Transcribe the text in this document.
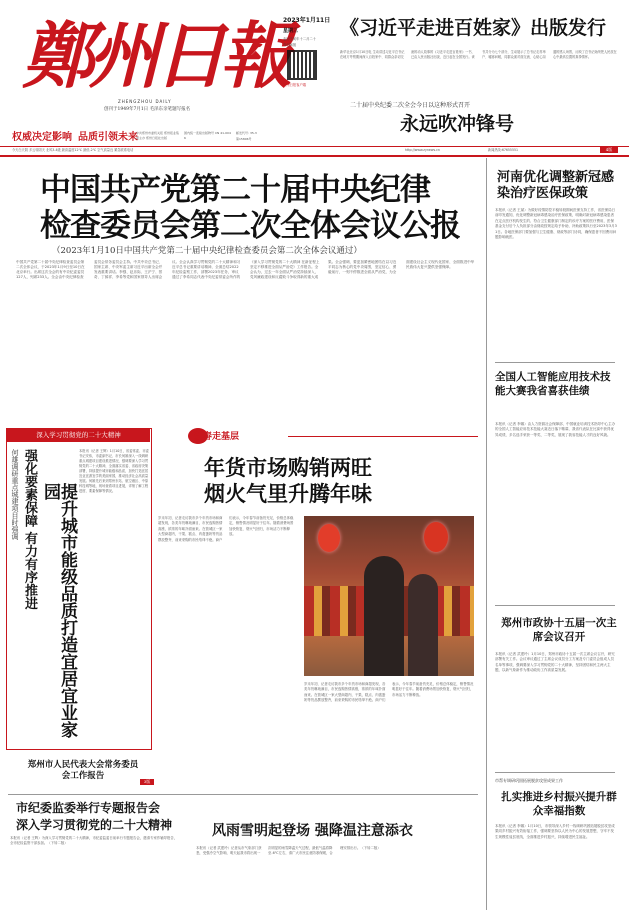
鄭州日報
ZHENGZHOU DAILY
创刊于1949年7月1日 毛泽东亲笔题写报名
2023年1月11日
星期三
农历壬寅年十二月二十
今日8版
郑州日报客户端
权威决定影响 品质引领未来
中共郑州市委机关报 郑州报业集团主办 郑州日报社出版
国内统一连续出版物号 CN 41-0046
邮发代号: 35-3
第15806号
《习近平走进百姓家》出版发行
新华社北京1月10日电 生动讲述习近平总书记在地方考察期间深入百姓家中、同群众亲切交流的动人故事的《习近平走进百姓家》一书，已由人民出版社出版，近日起在全国发行。该书共分为七个部分，生动展示了总书记走村串户、嘘寒问暖，同群众面对面交流、心贴心沟通的感人场景，反映了总书记始终把人民放在心中最高位置的真挚情怀。
二十届中央纪委二次全会今日以这种形式召开
永远吹冲锋号
4版
今天白天阴 多云转阴天 北风3-4级 最高温度12℃ 最低-2℃ 空气质量良 紧急联系电话	http://www.zynews.cn	新闻热线:67655551
中国共产党第二十届中央纪律
检查委员会第二次全体会议公报
（2023年1月10日中国共产党第二十届中央纪律检查委员会第二次全体会议通过）
中国共产党第二十届中央纪律检查委员会第二次全体会议，于2023年1月9日至10日在北京举行。出席这次全会的有中央纪委委员127人，列席233人。全会由中央纪律检查委员会常务委员会主持。中共中央总书记、国家主席、中央军委主席习近平出席全会并发表重要讲话。李强、赵乐际、王沪宁、蔡奇、丁薛祥、李希等党和国家领导人出席会议。全会认真学习贯彻党的二十大精神和习近平总书记重要讲话精神，全面总结2022年纪检监察工作，部署2023年任务，审议通过了李希同志代表中央纪委常委会所作的《深入学习贯彻党的二十大精神 在新征程上坚定不移推进全面从严治党》工作报告。全会认为，过去一年全面从严治党持续深入，党风廉政建设和反腐败斗争取得新的重大成果。全会强调，要更加紧密地团结在以习近平同志为核心的党中央周围，坚定信心、勇毅前行，一刻不停推进全面从严治党，为全面建设社会主义现代化国家、全面推进中华民族伟大复兴提供坚强保障。
河南优化调整新冠感染治疗医保政策
本报讯（记者 王斌）为做好疫情防控平稳转段期间医保支持工作，省医保局日前印发通知，优化调整新冠病毒感染治疗医保政策，明确对新冠病毒感染患者在定点医疗机构发生的、符合卫生健康部门制定的诊疗方案的医疗费用，医保基金支付后个人负担部分由财政按规定给予补助，补助政策执行至2023年3月31日。各地医保部门要加强与卫生健康、财政等部门协同，确保患者不因费用问题影响就医。
全国人工智能应用技术技能大赛我省喜获佳绩
本报讯（记者 李娜）由人力资源社会保障部、中国就业培训技术指导中心主办的全国人工智能应用技术技能大赛近日落下帷幕，我省代表队在比赛中获得优异成绩，多名选手荣获一等奖、二等奖，展现了我省技能人才的良好风貌。
郑州市政协十五届一次主席会议召开
本报讯（记者 武建玲）1月10日，郑州市政协十五届一次主席会议召开，研究部署有关工作。会议审议通过了主席会议成员分工方案及专门委员会组成人员名单等事项，强调要深入学习贯彻党的二十大精神，坚持团结和民主两大主题，以新气象新作为推动政协工作高质量发展。
市帮专调研巩固拓展脱贫攻坚成果工作
扎实推进乡村振兴提升群众幸福指数
本报讯（记者 李娜）1月10日，市领导深入乡村一线调研巩固拓展脱贫攻坚成果同乡村振兴有效衔接工作，强调要坚持以人民为中心的发展思想，守牢不发生规模性返贫底线，全面推进乡村振兴，持续增进民生福祉。
深入学习贯彻党的二十大精神
何雄调研重点城建项目时强调 强化要素保障 有力有序推进	提升城市能级品质打造宜居宜业家园
本报讯（记者 王辉）1月10日，省委常委、市委书记安伟，市委副书记、市长何雄深入一线调研重点城建项目建设推进情况，强调要深入学习贯彻党的二十大精神，全面落实省委、省政府决策部署，持续提升城市能级和品质，加快打造宜居宜业宜游宜学的美丽家园，推动经济社会高质量发展。何雄先后来到郑州东站、航空港区、中原科技城等地，现场查看项目进展，详细了解工程进度、要素保障等情况。
郑州市人民代表大会常务委员会工作报告
3版
新春走基层
年货市场购销两旺
烟火气里升腾年味
岁末年初，记者走访我市多个年货市场和商超发现，各类年货琳琅满目，市民选购热情高涨，浓浓的年味扑面而来。在管城区一家大型商超内，干果、糕点、肉禽蛋奶等货品摆放整齐，前来采购的市民络绎不绝。商户们表示，今年春节前备货充足，价格总体稳定，销售情况明显好于往年。随着消费场景加快恢复，烟火气回归，市场活力不断释放。
岁末年初，记者走访我市多个年货市场和商超发现，各类年货琳琅满目，市民选购热情高涨，浓浓的年味扑面而来。在管城区一家大型商超内，干果、糕点、肉禽蛋奶等货品摆放整齐，前来采购的市民络绎不绝。商户们表示，今年春节前备货充足，价格总体稳定，销售情况明显好于往年。随着消费场景加快恢复，烟火气回归，市场活力不断释放。
市纪委监委举行专题报告会
深入学习贯彻党的二十大精神
本报讯（记者 王辉）为深入学习贯彻党的二十大精神，市纪委监委日前举行专题报告会，邀请专家作辅导报告，全市纪检监察干部参加。（下转二版）
风雨雪明起登场 强降温注意添衣
本报讯（记者 武建玲）记者从市气象部门获悉，受强冷空气影响，明天起我市将出现一次明显的雨雪降温天气过程，最低气温将降至-6℃左右，请广大市民注意防寒保暖，合理安排出行。（下转二版）
